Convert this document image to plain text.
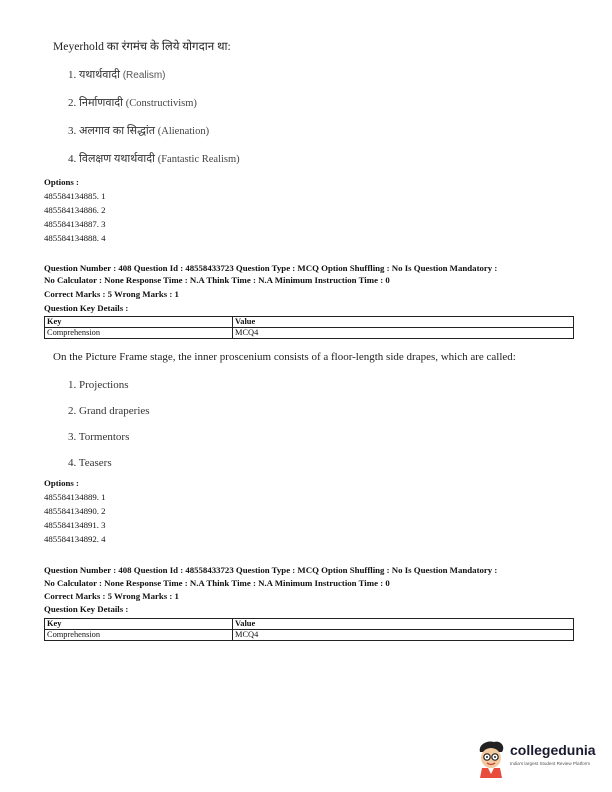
Meyerhold का रंगमंच के लिये योगदान था:
1. यथार्थवादी (Realism)
2. निर्माणवादी (Constructivism)
3. अलगाव का सिद्धांत (Alienation)
4. विलक्षण यथार्थवादी (Fantastic Realism)
Options :
485584134885. 1
485584134886. 2
485584134887. 3
485584134888. 4
Question Number : 408 Question Id : 48558433723 Question Type : MCQ Option Shuffling : No Is Question Mandatory :
No Calculator : None Response Time : N.A Think Time : N.A Minimum Instruction Time : 0
Correct Marks : 5 Wrong Marks : 1
Question Key Details :
Key	Value
Comprehension	MCQ4
On the Picture Frame stage, the inner proscenium consists of a floor-length side drapes, which are called:
1. Projections
2. Grand draperies
3. Tormentors
4. Teasers
Options :
485584134889. 1
485584134890. 2
485584134891. 3
485584134892. 4
Question Number : 408 Question Id : 48558433723 Question Type : MCQ Option Shuffling : No Is Question Mandatory :
No Calculator : None Response Time : N.A Think Time : N.A Minimum Instruction Time : 0
Correct Marks : 5 Wrong Marks : 1
Question Key Details :
Key	Value
Comprehension	MCQ4
collegedunia
India's largest Student Review Platform
